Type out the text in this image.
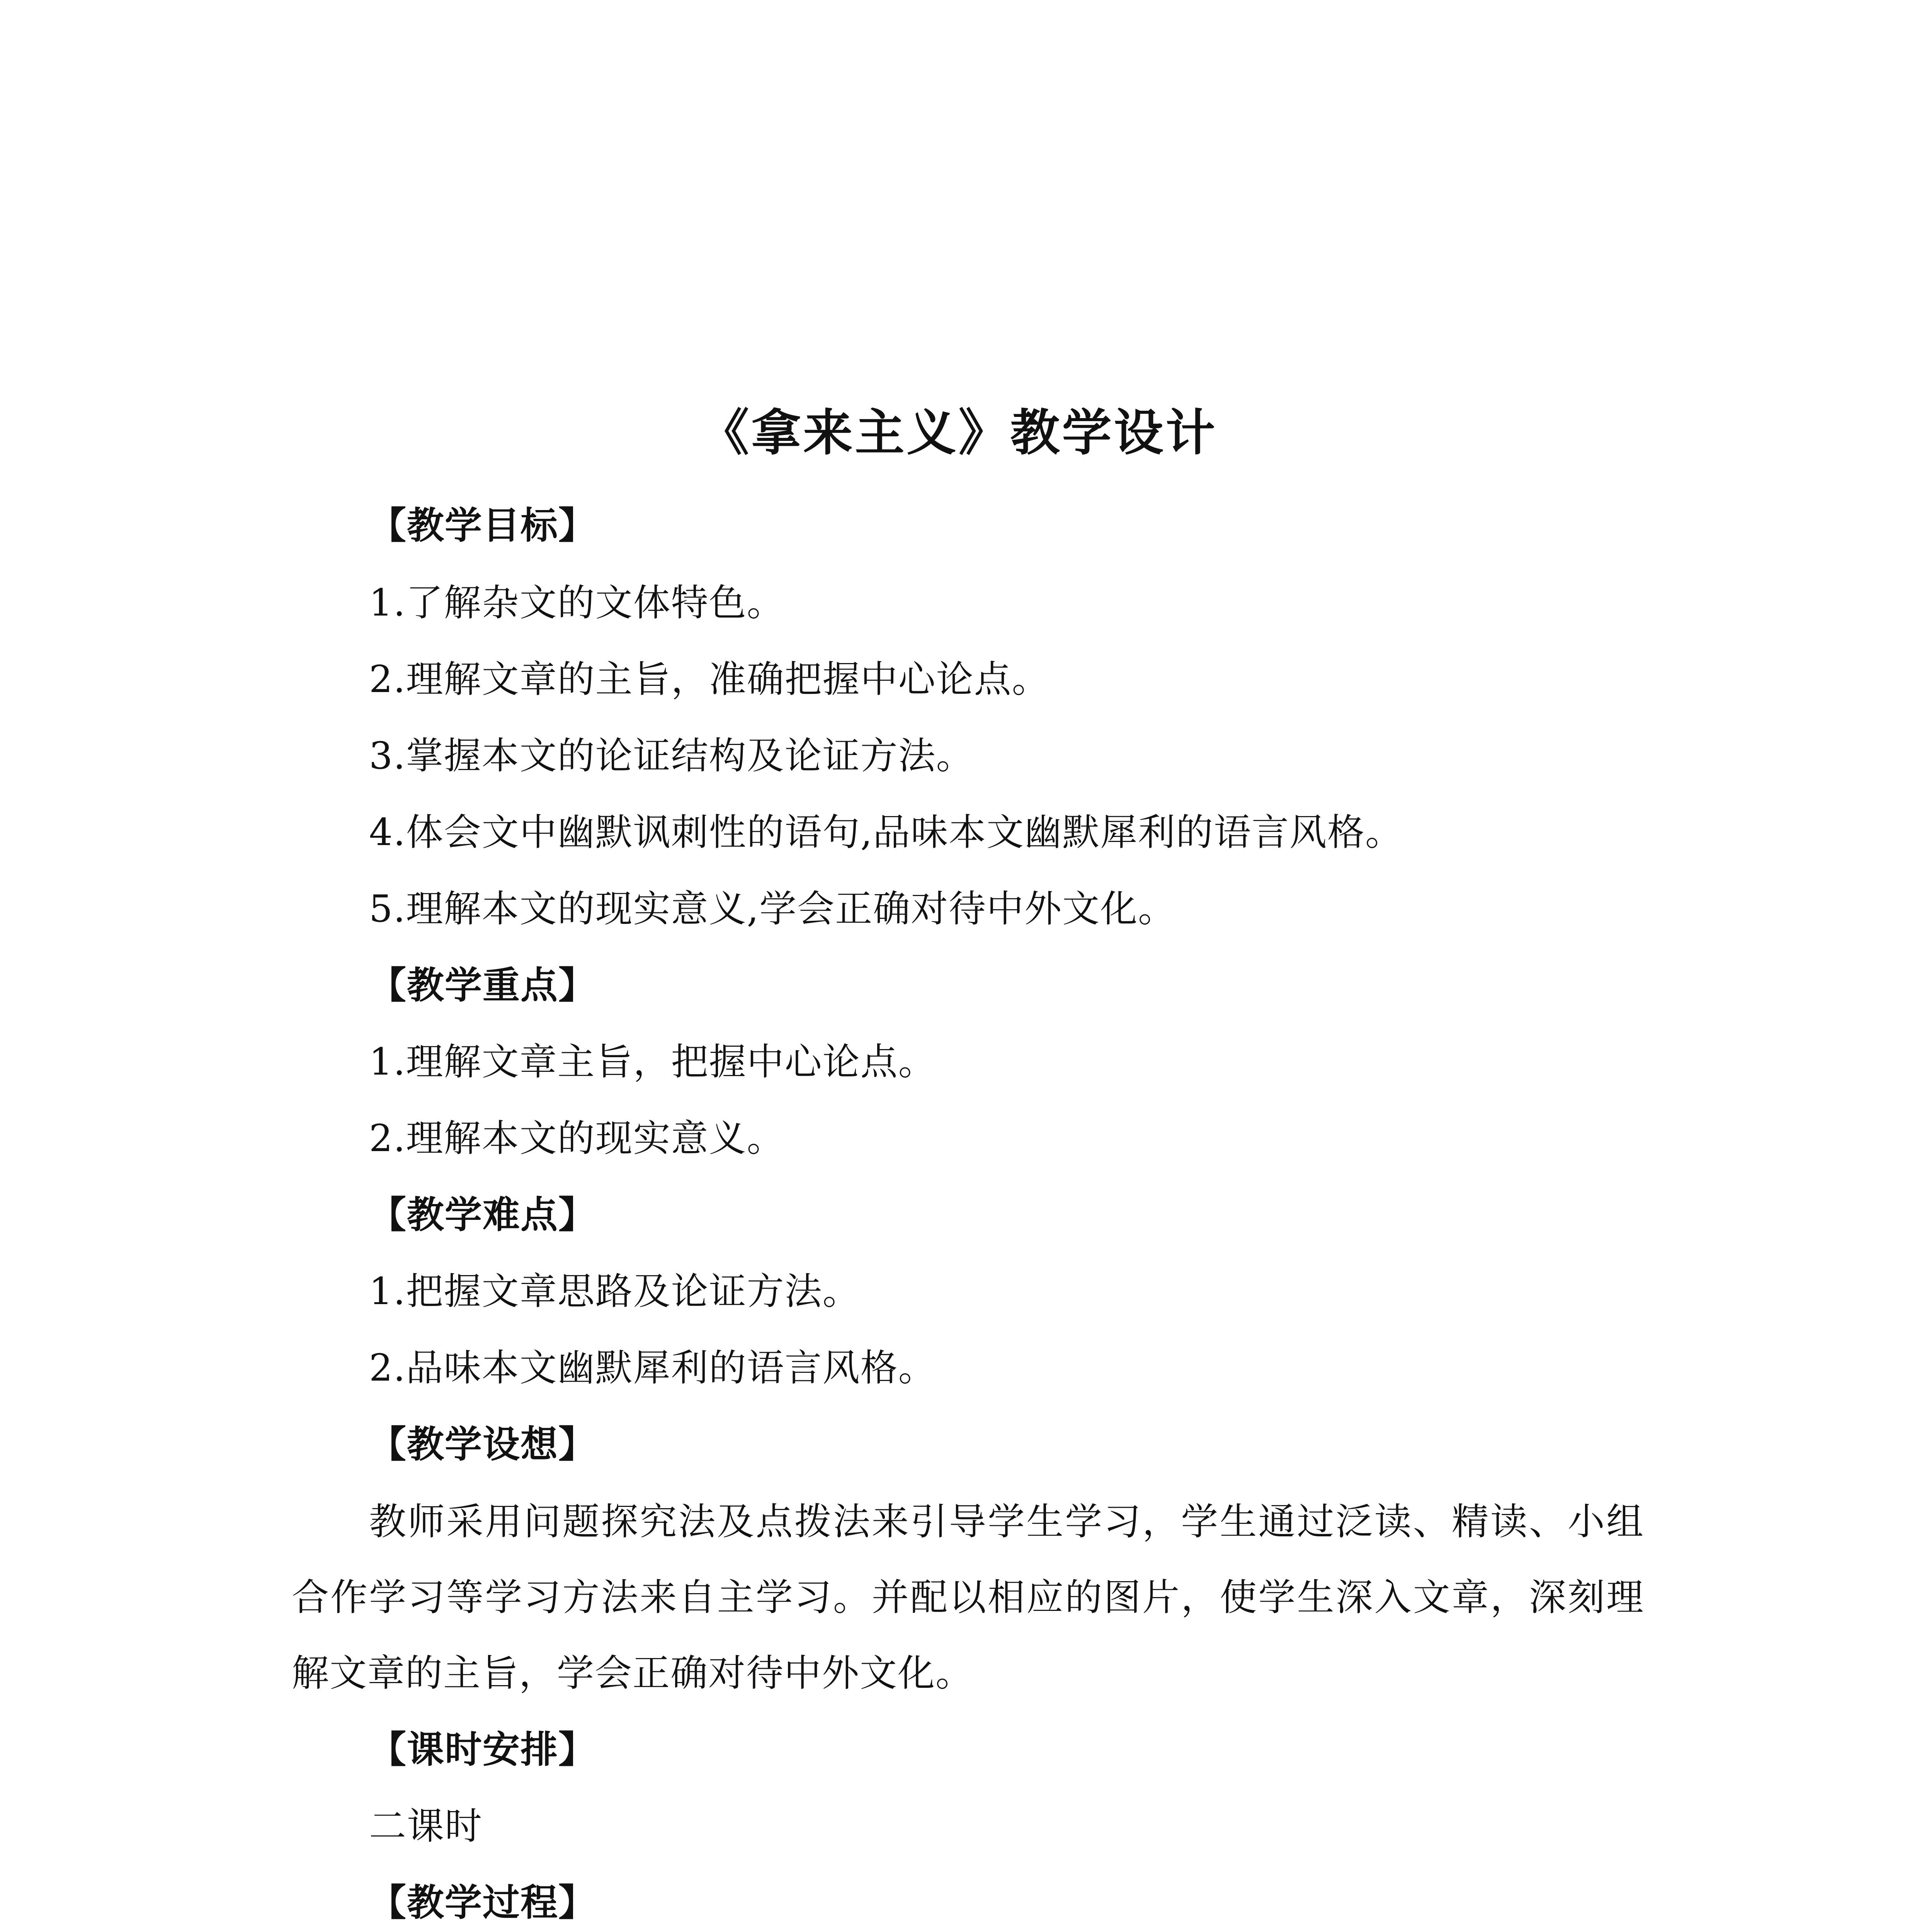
《拿来主义》教学设计
【教学目标】
1.了解杂文的文体特色。
2.理解文章的主旨，准确把握中心论点。
3.掌握本文的论证结构及论证方法。
4.体会文中幽默讽刺性的语句,品味本文幽默犀利的语言风格。
5.理解本文的现实意义,学会正确对待中外文化。
【教学重点】
1.理解文章主旨，把握中心论点。
2.理解本文的现实意义。
【教学难点】
1.把握文章思路及论证方法。
2.品味本文幽默犀利的语言风格。
【教学设想】

教师采用问题探究法及点拨法来引导学生学习，学生通过泛读、精读、小组合作学习等学习方法来自主学习。并配以相应的图片，使学生深入文章，深刻理解文章的主旨，学会正确对待中外文化。

【课时安排】
二课时
【教学过程】
